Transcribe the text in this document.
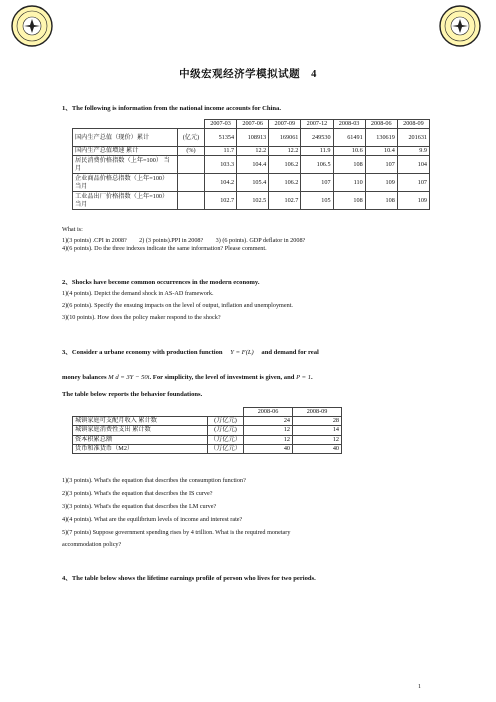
中级宏观经济学模拟试题　4
1、The following is information from the national income accounts for China.
		2007-03	2007-06	2007-09	2007-12	2008-03	2008-06	2008-09
国内生产总值（现价）累计	(亿元)	51354	108913	169061	249530	61491	130619	201631
国内生产总值增速 累计	(%)	11.7	12.2	12.2	11.9	10.6	10.4	9.9
居民消费价格指数（上年=100） 当月		103.3	104.4	106.2	106.5	108	107	104
企业商品价格总指数（上年=100） 当月		104.2	105.4	106.2	107	110	109	107
工业品出厂价格指数（上年=100） 当月		102.7	102.5	102.7	105	108	108	109
What is:
1)(3 points) .CPI in 2008?　　2) (3 points).PPI in 2008?　　3) (6 points). GDP deflator in 2008?
4)(6 points). Do the three indexes indicate the same information? Please comment.
2、Shocks have become common occurrences in the modern economy.
1)(4 points). Depict the demand shock in AS-AD framework.
2)(6 points). Specify the ensuing impacts on the level of output, inflation and unemployment.
3)(10 points). How does the policy maker respond to the shock?
3、Consider a urbane economy with production function Y = F(L) and demand for real
money balances M d = 3Y − 50i. For simplicity, the level of investment is given, and P = 1.
The table below reports the behavior foundations.
		2008-06	2008-09
城镇家庭可支配月收入 累计数	(万亿元)	24	28
城镇家庭消费性支出 累计数	(万亿元)	12	14
资本积累总额	（万亿元）	12	12
货币和准货币（M2）	（万亿元）	40	40
1)(3 points). What's the equation that describes the consumption function?
2)(3 points). What's the equation that describes the IS curve?
3)(3 points). What's the equation that describes the LM curve?
4)(4 points). What are the equilibrium levels of income and interest rate?
5)(7 points) Suppose government spending rises by 4 trillion. What is the required monetary
accommodation policy?
4、The table below shows the lifetime earnings profile of person who lives for two periods.
1
